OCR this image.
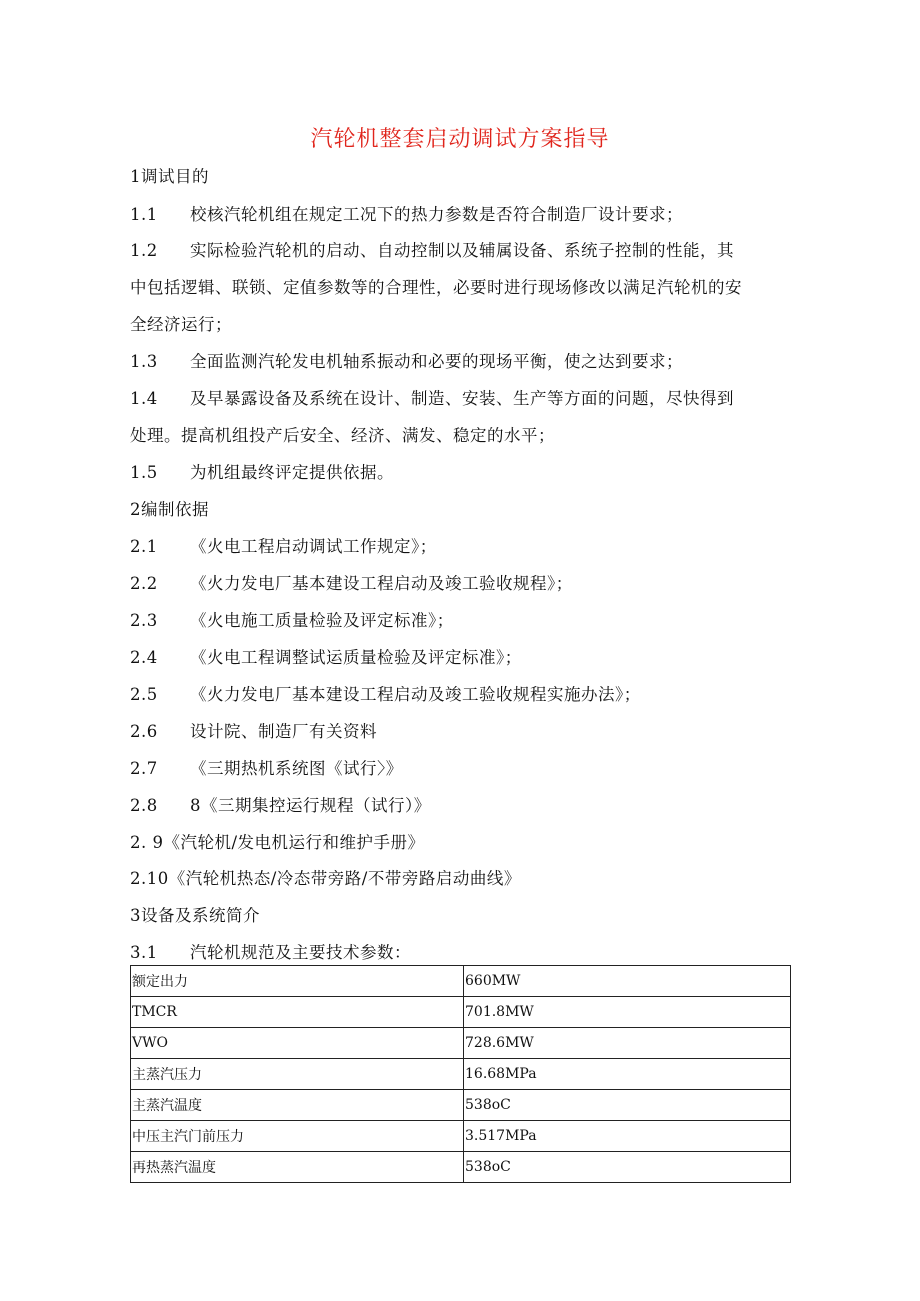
汽轮机整套启动调试方案指导
1调试目的
1.1 校核汽轮机组在规定工况下的热力参数是否符合制造厂设计要求；
1.2 实际检验汽轮机的启动、自动控制以及辅属设备、系统子控制的性能，其
中包括逻辑、联锁、定值参数等的合理性，必要时进行现场修改以满足汽轮机的安
全经济运行；
1.3 全面监测汽轮发电机轴系振动和必要的现场平衡，使之达到要求；
1.4 及早暴露设备及系统在设计、制造、安装、生产等方面的问题，尽快得到
处理。提高机组投产后安全、经济、满发、稳定的水平；
1.5 为机组最终评定提供依据。
2编制依据
2.1 《火电工程启动调试工作规定》；
2.2 《火力发电厂基本建设工程启动及竣工验收规程》；
2.3 《火电施工质量检验及评定标准》；
2.4 《火电工程调整试运质量检验及评定标准》；
2.5 《火力发电厂基本建设工程启动及竣工验收规程实施办法》；
2.6 设计院、制造厂有关资料
2.7 《三期热机系统图《试行〉》
2.8 8《三期集控运行规程（试行）》
2. 9《汽轮机/发电机运行和维护手册》
2.10《汽轮机热态/冷态带旁路/不带旁路启动曲线》
3设备及系统简介
3.1 汽轮机规范及主要技术参数：
额定出力	660MW
TMCR	701.8MW
VWO	728.6MW
主蒸汽压力	16.68MPa
主蒸汽温度	538oC
中压主汽门前压力	3.517MPa
再热蒸汽温度	538oC
